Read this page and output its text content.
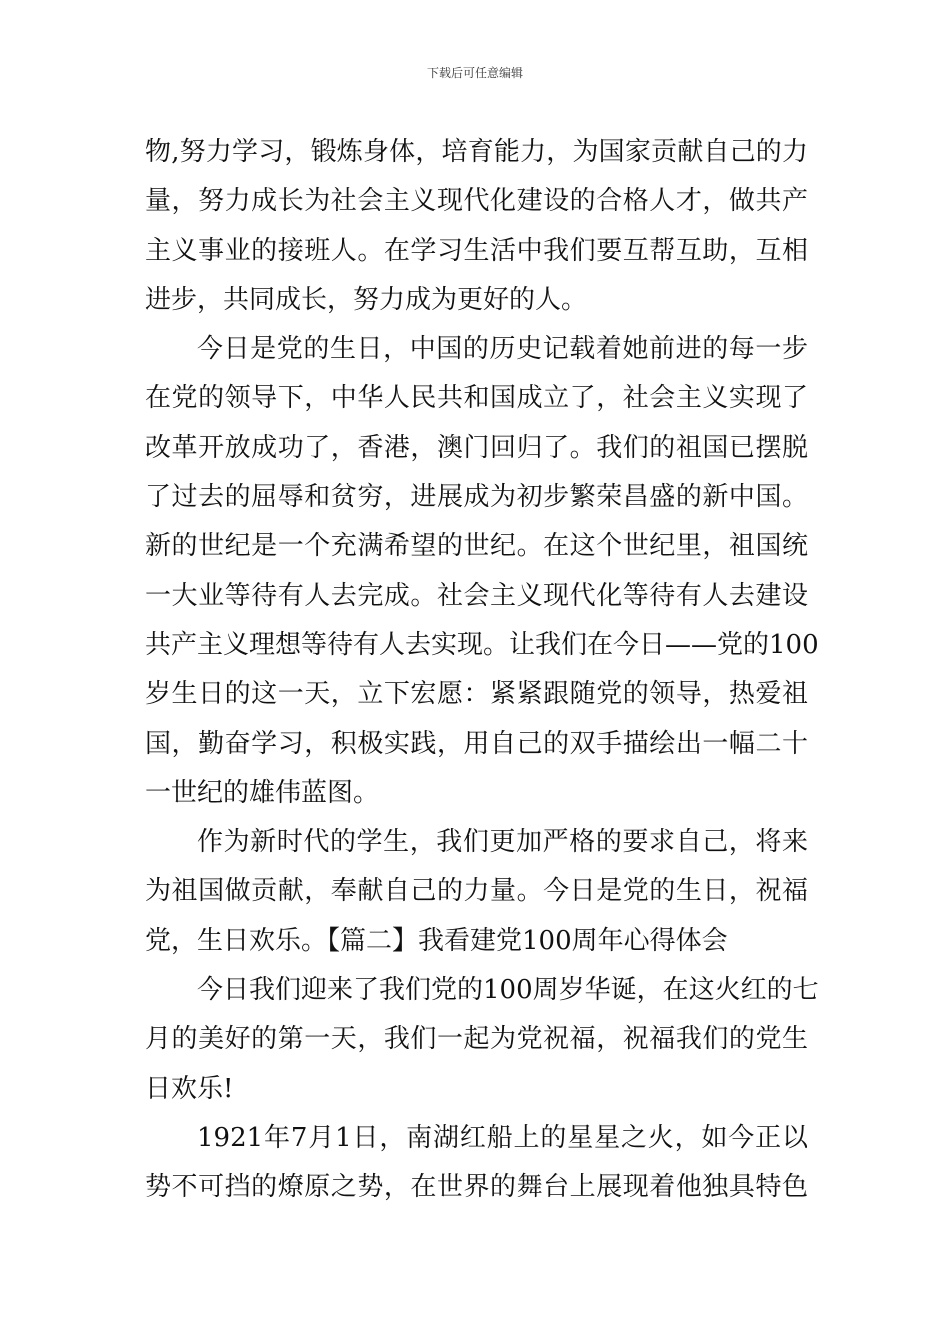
下载后可任意编辑
物,努力学习，锻炼身体，培育能力，为国家贡献自己的力
量，努力成长为社会主义现代化建设的合格人才，做共产
主义事业的接班人。在学习生活中我们要互帮互助，互相
进步，共同成长，努力成为更好的人。
今日是党的生日，中国的历史记载着她前进的每一步
在党的领导下，中华人民共和国成立了，社会主义实现了
改革开放成功了，香港，澳门回归了。我们的祖国已摆脱
了过去的屈辱和贫穷，进展成为初步繁荣昌盛的新中国。
新的世纪是一个充满希望的世纪。在这个世纪里，祖国统
一大业等待有人去完成。社会主义现代化等待有人去建设
共产主义理想等待有人去实现。让我们在今日——党的100
岁生日的这一天，立下宏愿：紧紧跟随党的领导，热爱祖
国，勤奋学习，积极实践，用自己的双手描绘出一幅二十
一世纪的雄伟蓝图。
作为新时代的学生，我们更加严格的要求自己，将来
为祖国做贡献，奉献自己的力量。今日是党的生日，祝福
党，生日欢乐。【篇二】我看建党100周年心得体会
今日我们迎来了我们党的100周岁华诞，在这火红的七
月的美好的第一天，我们一起为党祝福，祝福我们的党生
日欢乐!
1921年7月1日，南湖红船上的星星之火，如今正以
势不可挡的燎原之势，在世界的舞台上展现着他独具特色
